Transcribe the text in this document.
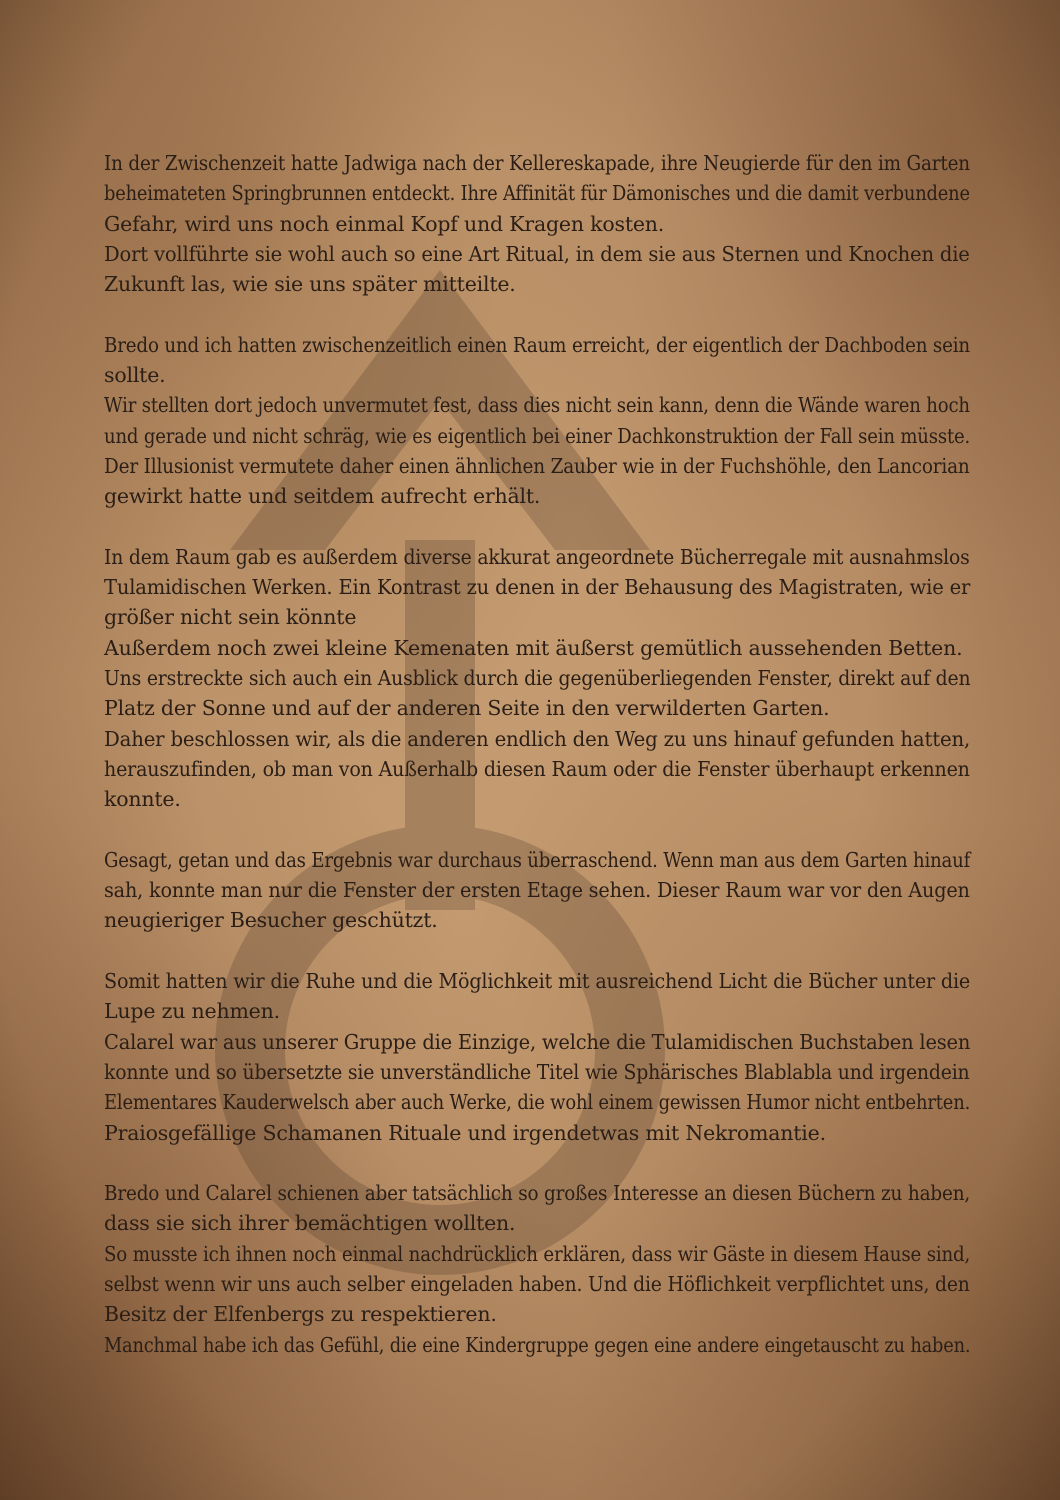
In der Zwischenzeit hatte Jadwiga nach der Kellereskapade, ihre Neugierde für den im Garten
beheimateten Springbrunnen entdeckt. Ihre Affinität für Dämonisches und die damit verbundene
Gefahr, wird uns noch einmal Kopf und Kragen kosten.
Dort vollführte sie wohl auch so eine Art Ritual, in dem sie aus Sternen und Knochen die
Zukunft las, wie sie uns später mitteilte.

Bredo und ich hatten zwischenzeitlich einen Raum erreicht, der eigentlich der Dachboden sein
sollte.
Wir stellten dort jedoch unvermutet fest, dass dies nicht sein kann, denn die Wände waren hoch
und gerade und nicht schräg, wie es eigentlich bei einer Dachkonstruktion der Fall sein müsste.
Der Illusionist vermutete daher einen ähnlichen Zauber wie in der Fuchshöhle, den Lancorian
gewirkt hatte und seitdem aufrecht erhält.

In dem Raum gab es außerdem diverse akkurat angeordnete Bücherregale mit ausnahmslos
Tulamidischen Werken. Ein Kontrast zu denen in der Behausung des Magistraten, wie er
größer nicht sein könnte
Außerdem noch zwei kleine Kemenaten mit äußerst gemütlich aussehenden Betten.
Uns erstreckte sich auch ein Ausblick durch die gegenüberliegenden Fenster, direkt auf den
Platz der Sonne und auf der anderen Seite in den verwilderten Garten.
Daher beschlossen wir, als die anderen endlich den Weg zu uns hinauf gefunden hatten,
herauszufinden, ob man von Außerhalb diesen Raum oder die Fenster überhaupt erkennen
konnte.

Gesagt, getan und das Ergebnis war durchaus überraschend. Wenn man aus dem Garten hinauf
sah, konnte man nur die Fenster der ersten Etage sehen. Dieser Raum war vor den Augen
neugieriger Besucher geschützt.

Somit hatten wir die Ruhe und die Möglichkeit mit ausreichend Licht die Bücher unter die
Lupe zu nehmen.
Calarel war aus unserer Gruppe die Einzige, welche die Tulamidischen Buchstaben lesen
konnte und so übersetzte sie unverständliche Titel wie Sphärisches Blablabla und irgendein
Elementares Kauderwelsch aber auch Werke, die wohl einem gewissen Humor nicht entbehrten.
Praiosgefällige Schamanen Rituale und irgendetwas mit Nekromantie.

Bredo und Calarel schienen aber tatsächlich so großes Interesse an diesen Büchern zu haben,
dass sie sich ihrer bemächtigen wollten.
So musste ich ihnen noch einmal nachdrücklich erklären, dass wir Gäste in diesem Hause sind,
selbst wenn wir uns auch selber eingeladen haben. Und die Höflichkeit verpflichtet uns, den
Besitz der Elfenbergs zu respektieren.
Manchmal habe ich das Gefühl, die eine Kindergruppe gegen eine andere eingetauscht zu haben.
